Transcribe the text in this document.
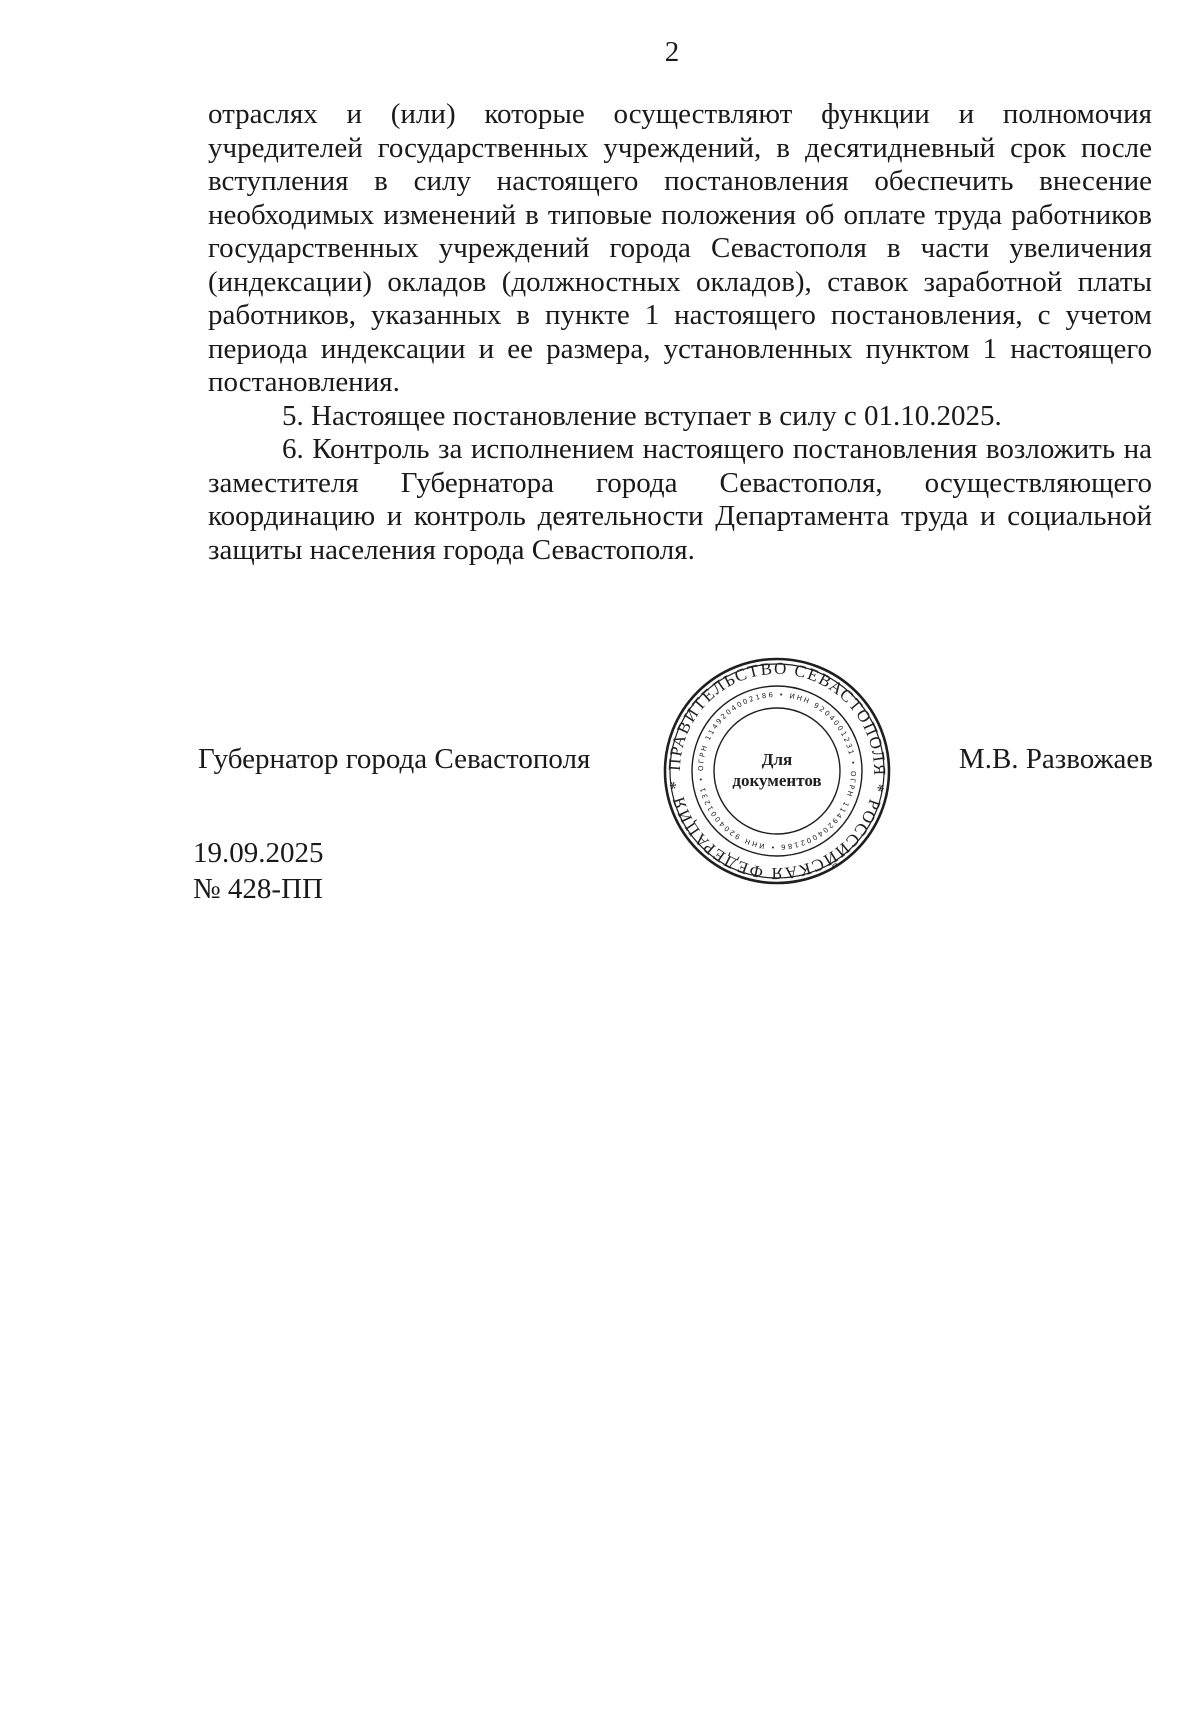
2

отраслях и (или) которые осуществляют функции и полномочия учредителей государственных учреждений, в десятидневный срок после вступления в силу настоящего постановления обеспечить внесение необходимых изменений в типовые положения об оплате труда работников государственных учреждений города Севастополя в части увеличения (индексации) окладов (должностных окладов), ставок заработной платы работников, указанных в пункте 1 настоящего постановления, с учетом периода индексации и ее размера, установленных пунктом 1 настоящего постановления.

5. Настоящее постановление вступает в силу с 01.10.2025.

6. Контроль за исполнением настоящего постановления возложить на заместителя Губернатора города Севастополя, осуществляющего координацию и контроль деятельности Департамента труда и социальной защиты населения города Севастополя.

Губернатор города Севастополя	М.В. Развожаев
ПРАВИТЕЛЬСТВО СЕВАСТОПОЛЯ * РОССИЙСКАЯ ФЕДЕРАЦИЯ *
ОГРН 1149204002186 • ИНН 9204001231 • ОГРН 1149204002186 • ИНН 9204001231 •
Для
документов
19.09.2025
№ 428-ПП
